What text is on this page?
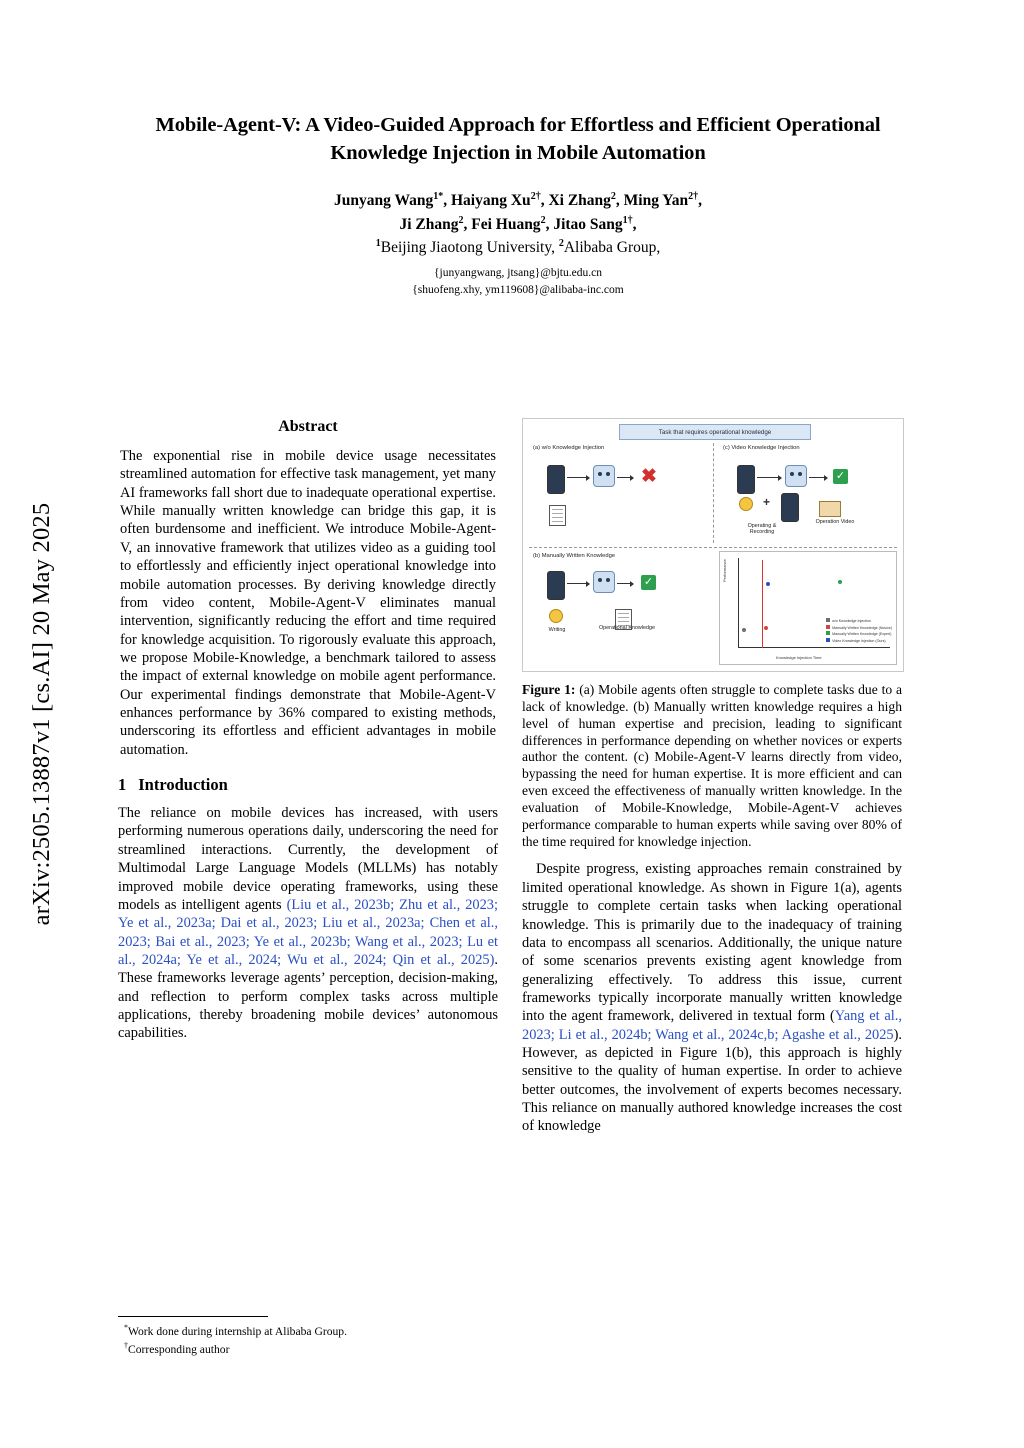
arXiv:2505.13887v1 [cs.AI] 20 May 2025
Mobile-Agent-V: A Video-Guided Approach for Effortless and Efficient Operational Knowledge Injection in Mobile Automation
Junyang Wang$^{1*}$, Haiyang $Xu^{2\dagger}$, Xi Zhang$^2$, Ming Yan$^{2\dagger}$,
Ji Zhang$^2$, Fei Huang$^2$, Jitao Sang$^{1\dagger}$,
$^1$Beijing Jiaotong University, $^2$Alibaba Group,
{junyangwang, jtsang}@bjtu.edu.cn
{shuofeng.xhy, ym119608}@alibaba-inc.com
Abstract

The exponential rise in mobile device usage necessitates streamlined automation for effective task management, yet many AI frameworks fall short due to inadequate operational expertise. While manually written knowledge can bridge this gap, it is often burdensome and inefficient. We introduce Mobile-Agent-V, an innovative framework that utilizes video as a guiding tool to effortlessly and efficiently inject operational knowledge into mobile automation processes. By deriving knowledge directly from video content, Mobile-Agent-V eliminates manual intervention, significantly reducing the effort and time required for knowledge acquisition. To rigorously evaluate this approach, we propose Mobile-Knowledge, a benchmark tailored to assess the impact of external knowledge on mobile agent performance. Our experimental findings demonstrate that Mobile-Agent-V enhances performance by 36% compared to existing methods, underscoring its effortless and efficient advantages in mobile automation.

1 Introduction

The reliance on mobile devices has increased, with users performing numerous operations daily, underscoring the need for streamlined interactions. Currently, the development of Multimodal Large Language Models (MLLMs) has notably improved mobile device operating frameworks, using these models as intelligent agents (Liu et al., 2023b; Zhu et al., 2023; Ye et al., 2023a; Dai et al., 2023; Liu et al., 2023a; Chen et al., 2023; Bai et al., 2023; Ye et al., 2023b; Wang et al., 2023; Lu et al., 2024a; Ye et al., 2024; Wu et al., 2024; Qin et al., 2025). These frameworks leverage agents’ perception, decision-making, and reflection to perform complex tasks across multiple applications, thereby broadening mobile devices’ autonomous capabilities.

Task that requires operational knowledge
(a) w/o Knowledge Injection
✖
(c) Video Knowledge Injection
✓
+
Operating & Recording
Operation Video
(b) Manually Written Knowledge
✓
Writing	Operational Knowledge
Performance
Knowledge Injection Time
w/o Knowledge Injection
Manually Written Knowledge (Novice)
Manually Written Knowledge (Expert)
Video Knowledge Injection (Ours)
Figure 1: (a) Mobile agents often struggle to complete tasks due to a lack of knowledge. (b) Manually written knowledge requires a high level of human expertise and precision, leading to significant differences in performance depending on whether novices or experts author the content. (c) Mobile-Agent-V learns directly from video, bypassing the need for human expertise. It is more efficient and can even exceed the effectiveness of manually written knowledge. In the evaluation of Mobile-Knowledge, Mobile-Agent-V achieves performance comparable to human experts while saving over 80% of the time required for knowledge injection.

Despite progress, existing approaches remain constrained by limited operational knowledge. As shown in Figure 1(a), agents struggle to complete certain tasks when lacking operational knowledge. This is primarily due to the inadequacy of training data to encompass all scenarios. Additionally, the unique nature of some scenarios prevents existing agent knowledge from generalizing effectively. To address this issue, current frameworks typically incorporate manually written knowledge into the agent framework, delivered in textual form (Yang et al., 2023; Li et al., 2024b; Wang et al., 2024c,b; Agashe et al., 2025). However, as depicted in Figure 1(b), this approach is highly sensitive to the quality of human expertise. In order to achieve better outcomes, the involvement of experts becomes necessary. This reliance on manually authored knowledge increases the cost of knowledge

*Work done during internship at Alibaba Group.
†Corresponding author
